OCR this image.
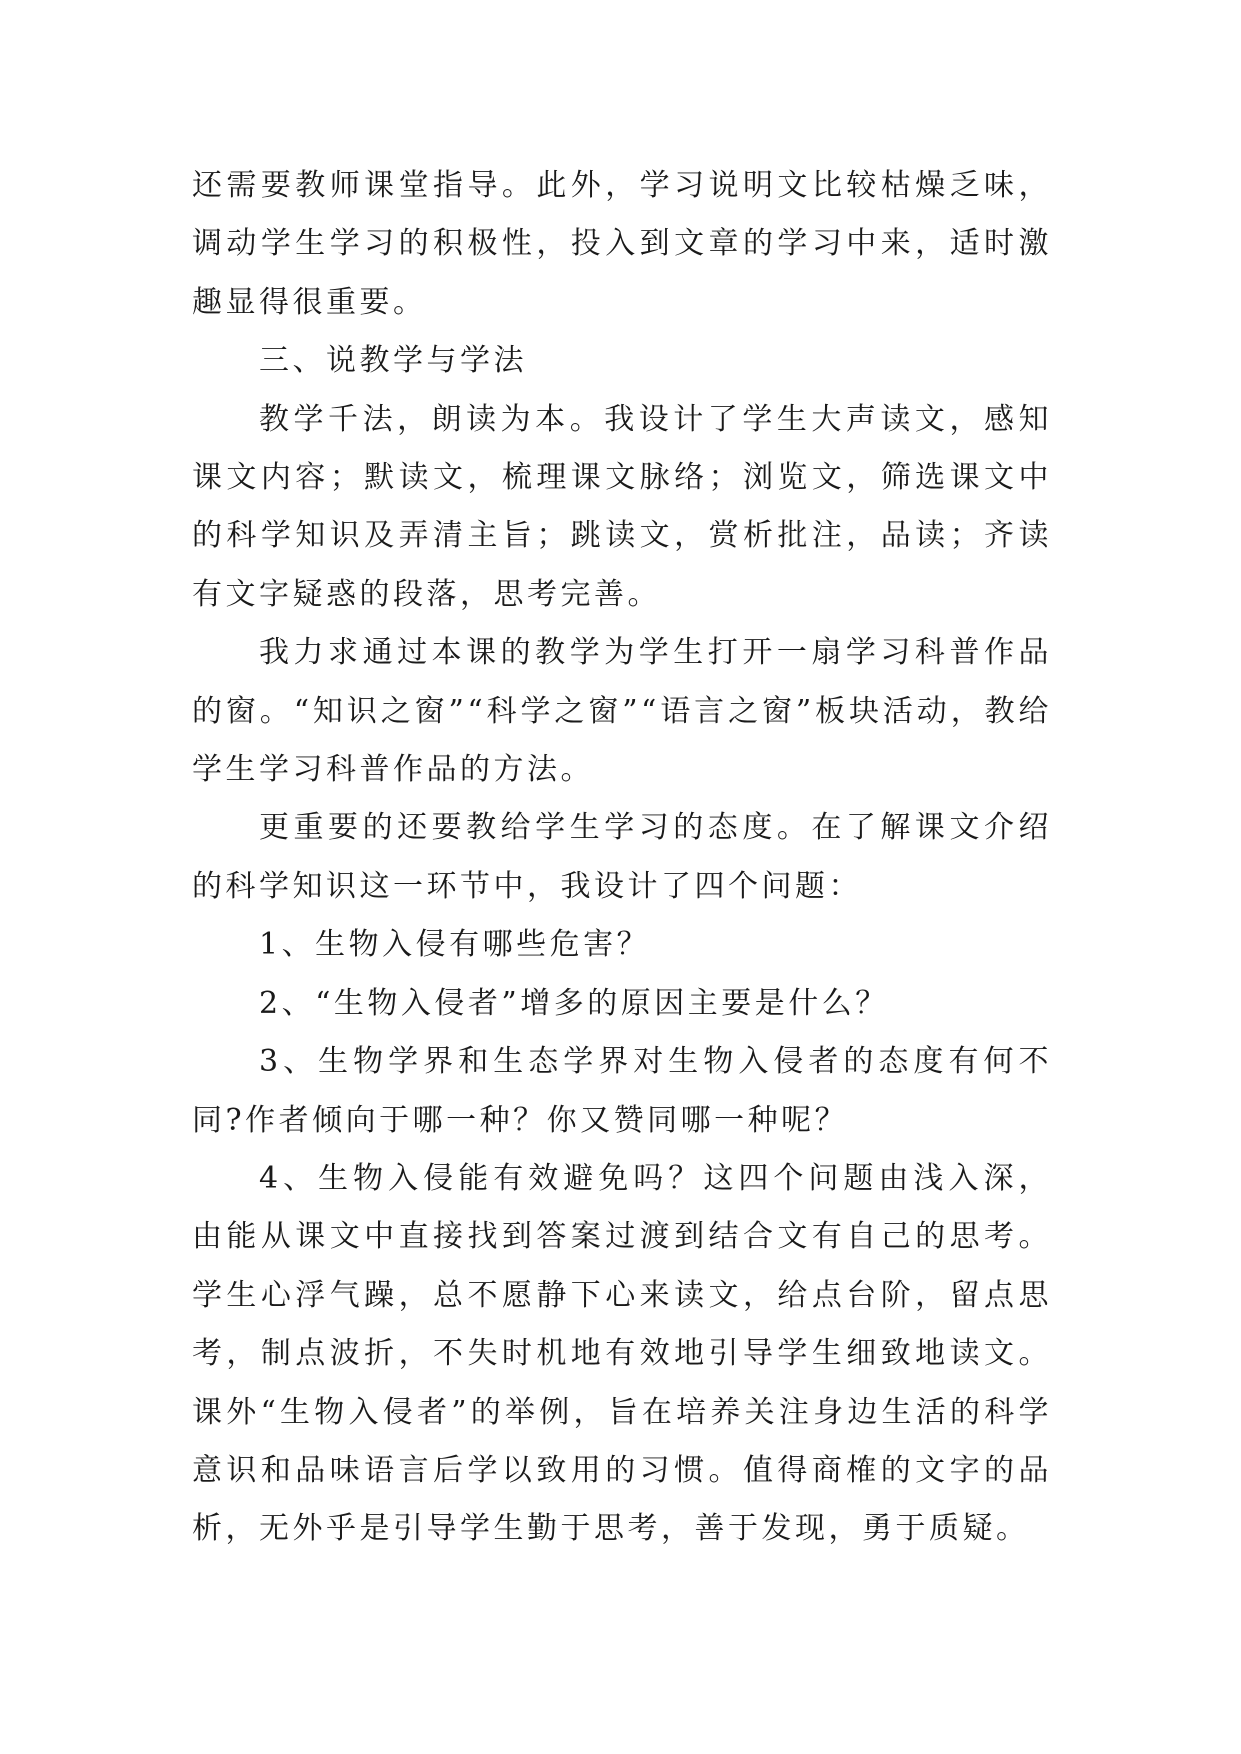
还需要教师课堂指导。此外，学习说明文比较枯燥乏味，调动学生学习的积极性，投入到文章的学习中来，适时激趣显得很重要。

三、说教学与学法

教学千法，朗读为本。我设计了学生大声读文，感知课文内容；默读文，梳理课文脉络；浏览文，筛选课文中的科学知识及弄清主旨；跳读文，赏析批注，品读；齐读有文字疑惑的段落，思考完善。

我力求通过本课的教学为学生打开一扇学习科普作品的窗。“知识之窗”“科学之窗”“语言之窗”板块活动，教给学生学习科普作品的方法。

更重要的还要教给学生学习的态度。在了解课文介绍的科学知识这一环节中，我设计了四个问题：

1、生物入侵有哪些危害？

2、“生物入侵者”增多的原因主要是什么？

3、生物学界和生态学界对生物入侵者的态度有何不同?作者倾向于哪一种？你又赞同哪一种呢？

4、生物入侵能有效避免吗？这四个问题由浅入深，由能从课文中直接找到答案过渡到结合文有自己的思考。学生心浮气躁，总不愿静下心来读文，给点台阶，留点思考，制点波折，不失时机地有效地引导学生细致地读文。课外“生物入侵者”的举例，旨在培养关注身边生活的科学意识和品味语言后学以致用的习惯。值得商榷的文字的品析，无外乎是引导学生勤于思考，善于发现，勇于质疑。
